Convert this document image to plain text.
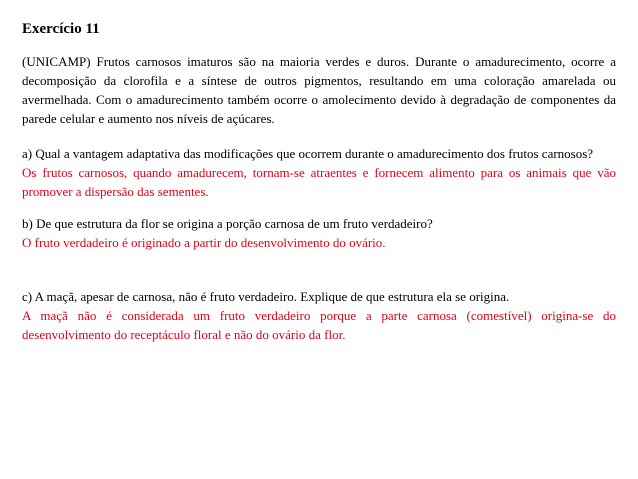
Exercício 11
(UNICAMP) Frutos carnosos imaturos são na maioria verdes e duros. Durante o amadurecimento, ocorre a decomposição da clorofila e a síntese de outros pigmentos, resultando em uma coloração amarelada ou avermelhada. Com o amadurecimento também ocorre o amolecimento devido à degradação de componentes da parede celular e aumento nos níveis de açúcares.
a) Qual a vantagem adaptativa das modificações que ocorrem durante o amadurecimento dos frutos carnosos?
Os frutos carnosos, quando amadurecem, tornam-se atraentes e fornecem alimento para os animais que vão promover a dispersão das sementes.
b) De que estrutura da flor se origina a porção carnosa de um fruto verdadeiro?
O fruto verdadeiro é originado a partir do desenvolvimento do ovário.
c) A maçã, apesar de carnosa, não é fruto verdadeiro. Explique de que estrutura ela se origina.
A maçã não é considerada um fruto verdadeiro porque a parte carnosa (comestível) origina-se do desenvolvimento do receptáculo floral e não do ovário da flor.
